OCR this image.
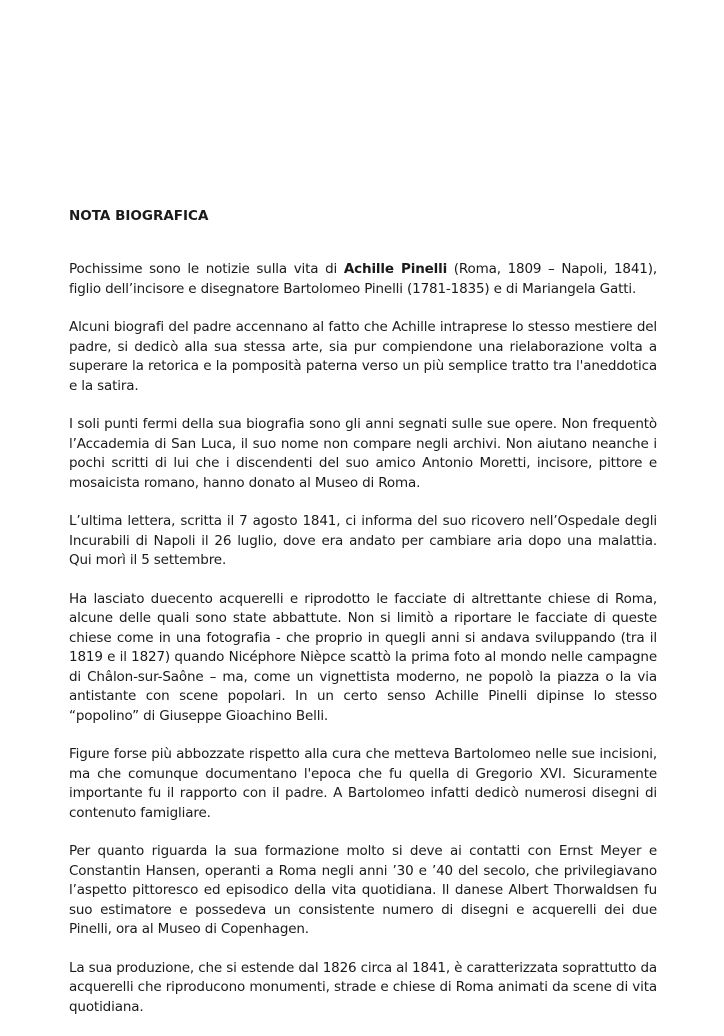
NOTA BIOGRAFICA

Pochissime sono le notizie sulla vita di Achille Pinelli (Roma, 1809 – Napoli, 1841), figlio dell’incisore e disegnatore Bartolomeo Pinelli (1781-1835) e di Mariangela Gatti.

Alcuni biografi del padre accennano al fatto che Achille intraprese lo stesso mestiere del padre, si dedicò alla sua stessa arte, sia pur compiendone una rielaborazione volta a superare la retorica e la pomposità paterna verso un più semplice tratto tra l'aneddotica e la satira.

I soli punti fermi della sua biografia sono gli anni segnati sulle sue opere. Non frequentò l’Accademia di San Luca, il suo nome non compare negli archivi. Non aiutano neanche i pochi scritti di lui che i discendenti del suo amico Antonio Moretti, incisore, pittore e mosaicista romano, hanno donato al Museo di Roma.

L’ultima lettera, scritta il 7 agosto 1841, ci informa del suo ricovero nell’Ospedale degli Incurabili di Napoli il 26 luglio, dove era andato per cambiare aria dopo una malattia. Qui morì il 5 settembre.

Ha lasciato duecento acquerelli e riprodotto le facciate di altrettante chiese di Roma, alcune delle quali sono state abbattute. Non si limitò a riportare le facciate di queste chiese come in una fotografia - che proprio in quegli anni si andava sviluppando (tra il 1819 e il 1827) quando Nicéphore Nièpce scattò la prima foto al mondo nelle campagne di Châlon-sur-Saône – ma, come un vignettista moderno, ne popolò la piazza o la via antistante con scene popolari. In un certo senso Achille Pinelli dipinse lo stesso “popolino” di Giuseppe Gioachino Belli.

Figure forse più abbozzate rispetto alla cura che metteva Bartolomeo nelle sue incisioni, ma che comunque documentano l'epoca che fu quella di Gregorio XVI. Sicuramente importante fu il rapporto con il padre. A Bartolomeo infatti dedicò numerosi disegni di contenuto famigliare.

Per quanto riguarda la sua formazione molto si deve ai contatti con Ernst Meyer e Constantin Hansen, operanti a Roma negli anni ’30 e ’40 del secolo, che privilegiavano l’aspetto pittoresco ed episodico della vita quotidiana. Il danese Albert Thorwaldsen fu suo estimatore e possedeva un consistente numero di disegni e acquerelli dei due Pinelli, ora al Museo di Copenhagen.

La sua produzione, che si estende dal 1826 circa al 1841, è caratterizzata soprattutto da acquerelli che riproducono monumenti, strade e chiese di Roma animati da scene di vita quotidiana.
